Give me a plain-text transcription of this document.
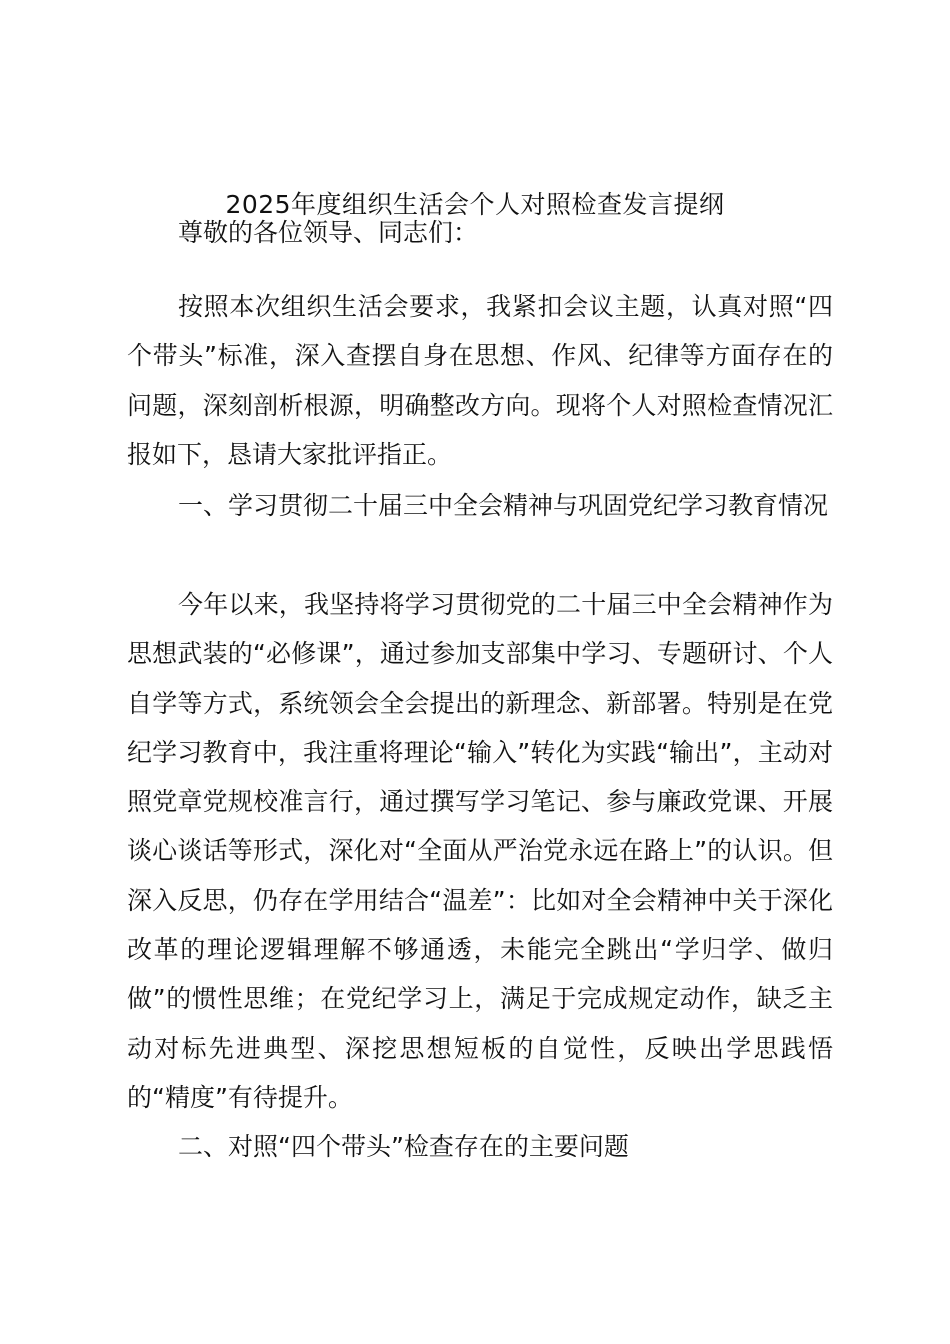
2025年度组织生活会个人对照检查发言提纲

尊敬的各位领导、同志们：

按照本次组织生活会要求，我紧扣会议主题，认真对照“四个带头”标准，深入查摆自身在思想、作风、纪律等方面存在的问题，深刻剖析根源，明确整改方向。现将个人对照检查情况汇报如下，恳请大家批评指正。

一、学习贯彻二十届三中全会精神与巩固党纪学习教育情况

今年以来，我坚持将学习贯彻党的二十届三中全会精神作为思想武装的“必修课”，通过参加支部集中学习、专题研讨、个人自学等方式，系统领会全会提出的新理念、新部署。特别是在党纪学习教育中，我注重将理论“输入”转化为实践“输出”，主动对照党章党规校准言行，通过撰写学习笔记、参与廉政党课、开展谈心谈话等形式，深化对“全面从严治党永远在路上”的认识。但深入反思，仍存在学用结合“温差”：比如对全会精神中关于深化改革的理论逻辑理解不够通透，未能完全跳出“学归学、做归做”的惯性思维；在党纪学习上，满足于完成规定动作，缺乏主动对标先进典型、深挖思想短板的自觉性，反映出学思践悟的“精度”有待提升。

二、对照“四个带头”检查存在的主要问题
